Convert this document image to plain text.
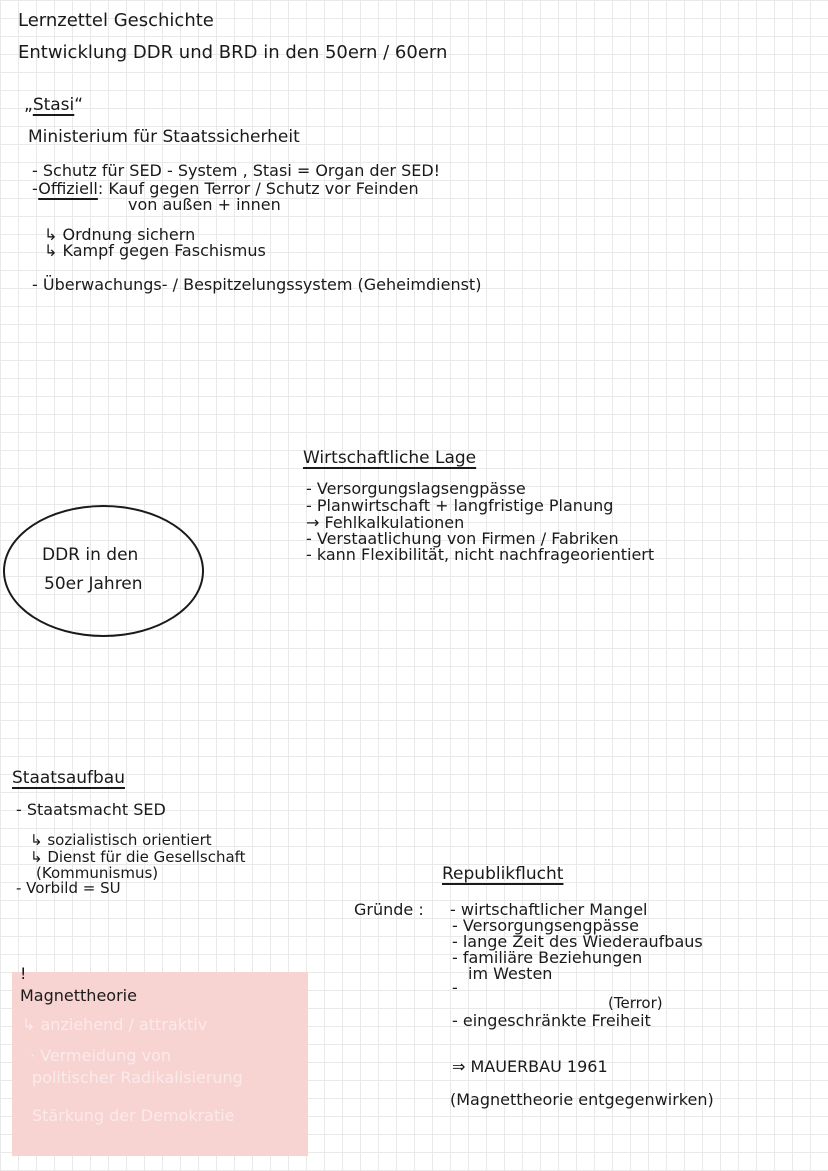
Lernzettel Geschichte
Entwicklung DDR und BRD in den 50ern / 60ern
„Stasi“
Ministerium für Staatssicherheit
- Schutz für SED - System , Stasi = Organ der SED!
-Offiziell: Kauf gegen Terror / Schutz vor Feinden
von außen + innen
↳ Ordnung sichern
↳ Kampf gegen Faschismus
- Überwachungs- / Bespitzelungssystem (Geheimdienst)
Wirtschaftliche Lage
- Versorgungslagsengpässe
- Planwirtschaft + langfristige Planung
→ Fehlkalkulationen
- Verstaatlichung von Firmen / Fabriken
- kann Flexibilität, nicht nachfrageorientiert
DDR in den
50er Jahren
Staatsaufbau
- Staatsmacht SED
↳ sozialistisch orientiert
↳ Dienst für die Gesellschaft
(Kommunismus)
- Vorbild = SU
!
Magnettheorie
↳ anziehend / attraktiv
· Vermeidung von
politischer Radikalisierung
Stärkung der Demokratie
Republikflucht
Gründe : - wirtschaftlicher Mangel
- Versorgungsengpässe
- lange Zeit des Wiederaufbaus
- familiäre Beziehungen
im Westen
-
(Terror)
- eingeschränkte Freiheit
⇒ MAUERBAU 1961
(Magnettheorie entgegenwirken)
